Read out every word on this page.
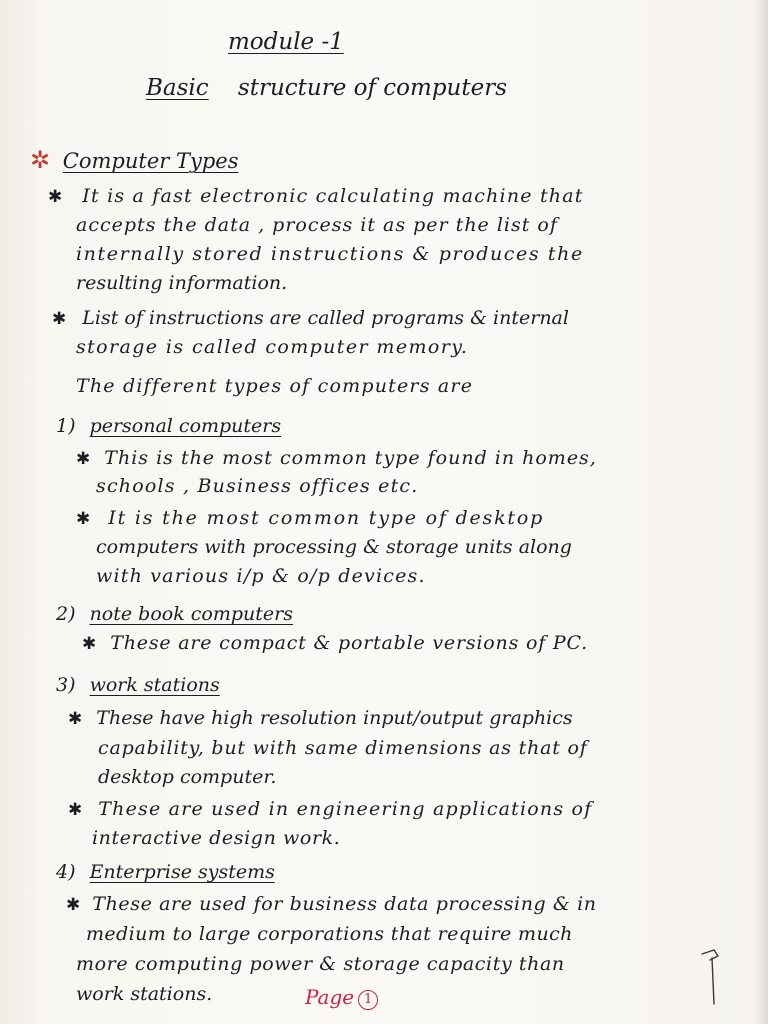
module -1
Basic structure of computers
✲ Computer Types
✱ It is a fast electronic calculating machine that
accepts the data , process it as per the list of
internally stored instructions & produces the
resulting information.
✱ List of instructions are called programs & internal
storage is called computer memory.
The different types of computers are
1) personal computers
✱ This is the most common type found in homes,
schools , Business offices etc.
✱ It is the most common type of desktop
computers with processing & storage units along
with various i/p & o/p devices.
2) note book computers
✱ These are compact & portable versions of PC.
3) work stations
✱ These have high resolution input/output graphics
capability, but with same dimensions as that of
desktop computer.
✱ These are used in engineering applications of
interactive design work.
4) Enterprise systems
✱ These are used for business data processing & in
medium to large corporations that require much
more computing power & storage capacity than
work stations.	Page 1
